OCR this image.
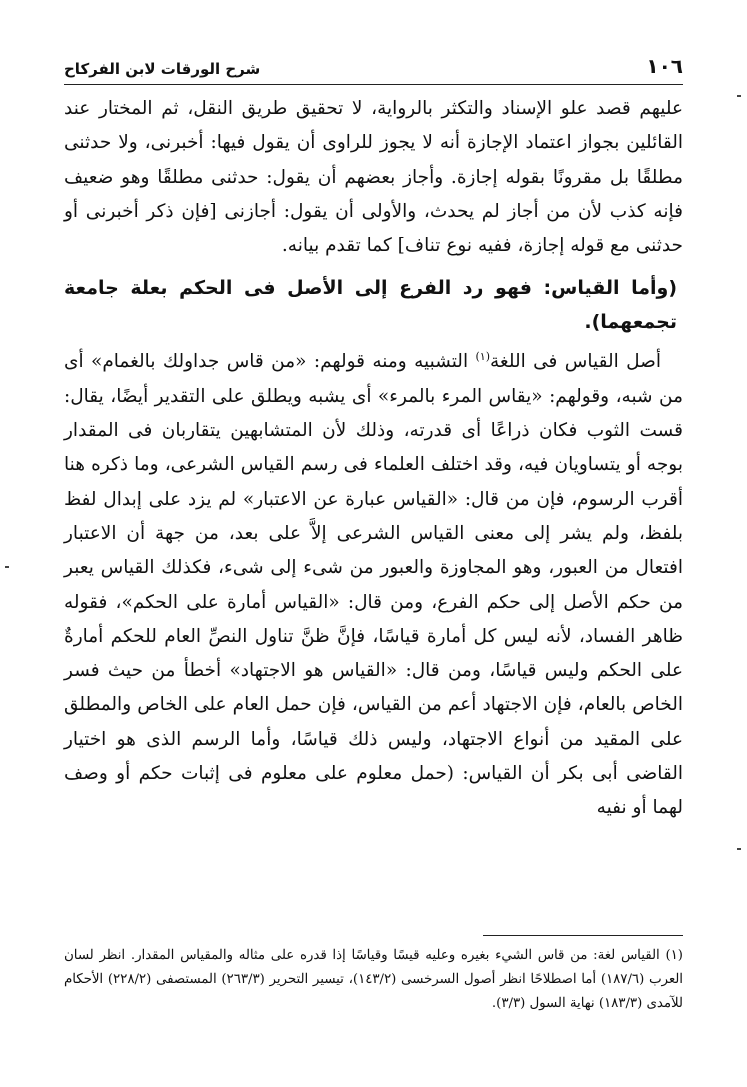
١٠٦
شرح الورقات لابن الفركاح

عليهم قصد علو الإسناد والتكثر بالرواية، لا تحقيق طريق النقل، ثم المختار عند القائلين بجواز اعتماد الإجازة أنه لا يجوز للراوى أن يقول فيها: أخبرنى، ولا حدثنى مطلقًا بل مقرونًا بقوله إجازة. وأجاز بعضهم أن يقول: حدثنى مطلقًا وهو ضعيف فإنه كذب لأن من أجاز لم يحدث، والأولى أن يقول: أجازنى [فإن ذكر أخبرنى أو حدثنى مع قوله إجازة، ففيه نوع تناف] كما تقدم بيانه.

(وأما القياس: فهو رد الفرع إلى الأصل فى الحكم بعلة جامعة تجمعهما).

أصل القياس فى اللغة$^{(١)}$ التشبيه ومنه قولهم: «من قاس جداولك بالغمام» أى من شبه، وقولهم: «يقاس المرء بالمرء» أى يشبه ويطلق على التقدير أيضًا، يقال: قست الثوب فكان ذراعًا أى قدرته، وذلك لأن المتشابهين يتقاربان فى المقدار بوجه أو يتساويان فيه، وقد اختلف العلماء فى رسم القياس الشرعى، وما ذكره هنا أقرب الرسوم، فإن من قال: «القياس عبارة عن الاعتبار» لم يزد على إبدال لفظ بلفظ، ولم يشر إلى معنى القياس الشرعى إلاَّ على بعد، من جهة أن الاعتبار افتعال من العبور، وهو المجاوزة والعبور من شىء إلى شىء، فكذلك القياس يعبر من حكم الأصل إلى حكم الفرع، ومن قال: «القياس أمارة على الحكم»، فقوله ظاهر الفساد، لأنه ليس كل أمارة قياسًا، فإنَّ ظنَّ تناول النصِّ العام للحكم أمارةٌ على الحكم وليس قياسًا، ومن قال: «القياس هو الاجتهاد» أخطأ من حيث فسر الخاص بالعام، فإن الاجتهاد أعم من القياس، فإن حمل العام على الخاص والمطلق على المقيد من أنواع الاجتهاد، وليس ذلك قياسًا، وأما الرسم الذى هو اختيار القاضى أبى بكر أن القياس: (حمل معلوم على معلوم فى إثبات حكم أو وصف لهما أو نفيه

(١) القياس لغة: من قاس الشيء بغيره وعليه قيسًا وقياسًا إذا قدره على مثاله والمقياس المقدار. انظر لسان العرب (١٨٧/٦) أما اصطلاحًا انظر أصول السرخسى (١٤٣/٢)، تيسير التحرير (٢٦٣/٣) المستصفى (٢٢٨/٢) الأحكام للآمدى (١٨٣/٣) نهاية السول (٣/٣).
